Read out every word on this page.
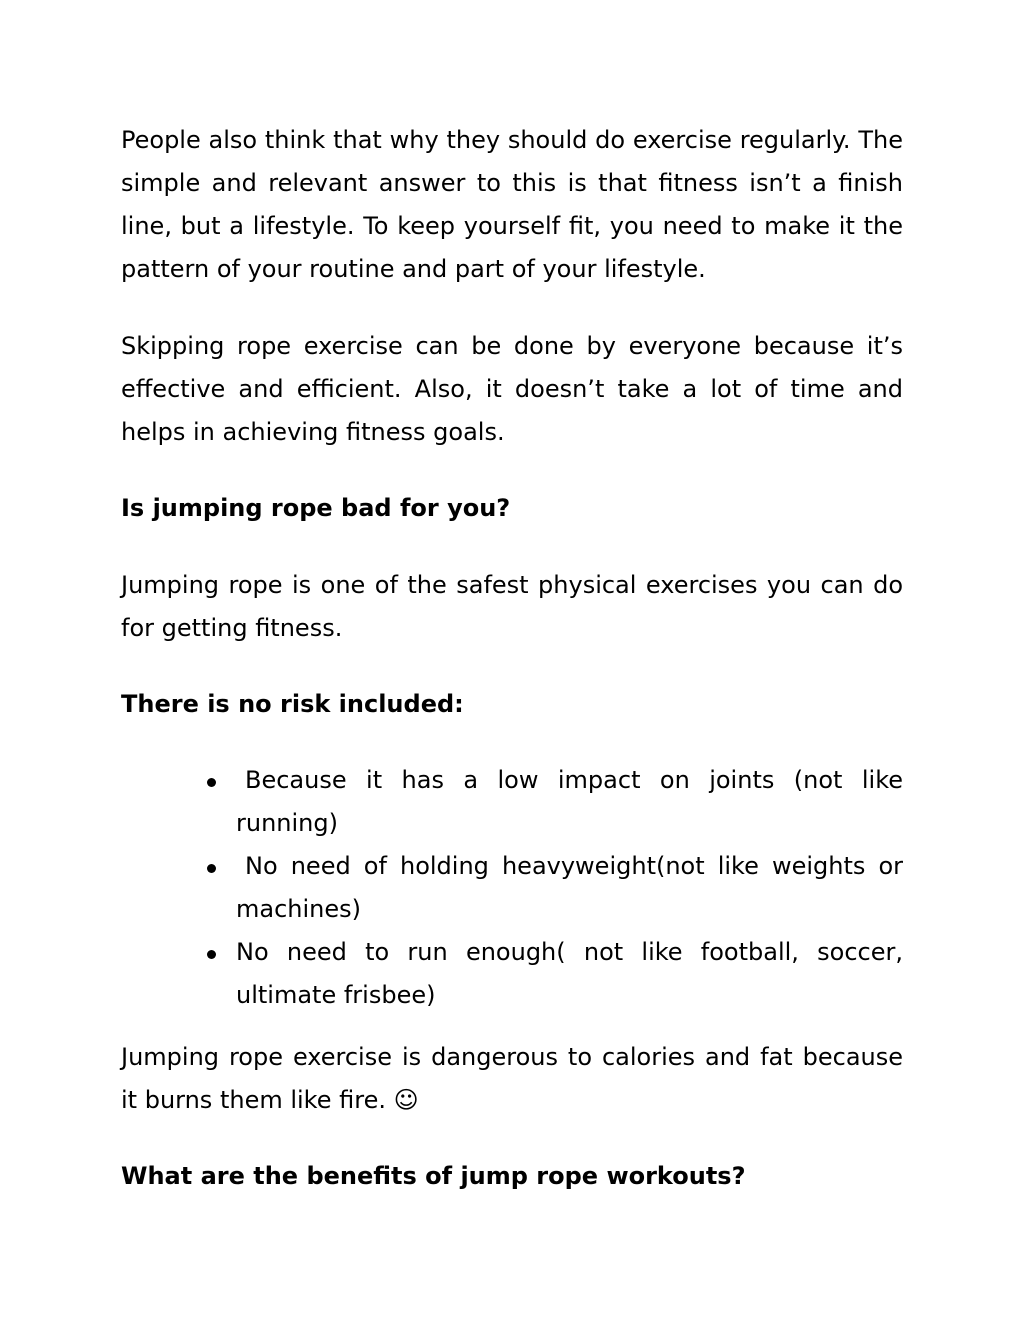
People also think that why they should do exercise regularly. The simple and relevant answer to this is that fitness isn’t a finish line, but a lifestyle. To keep yourself fit, you need to make it the pattern of your routine and part of your lifestyle.

Skipping rope exercise can be done by everyone because it’s effective and efficient. Also, it doesn’t take a lot of time and helps in achieving fitness goals.

Is jumping rope bad for you?

Jumping rope is one of the safest physical exercises you can do for getting fitness.

There is no risk included:

Because it has a low impact on joints (not like running)
No need of holding heavyweight(not like weights or machines)
No need to run enough( not like football, soccer, ultimate frisbee)

Jumping rope exercise is dangerous to calories and fat because it burns them like fire. ☺

What are the benefits of jump rope workouts?
